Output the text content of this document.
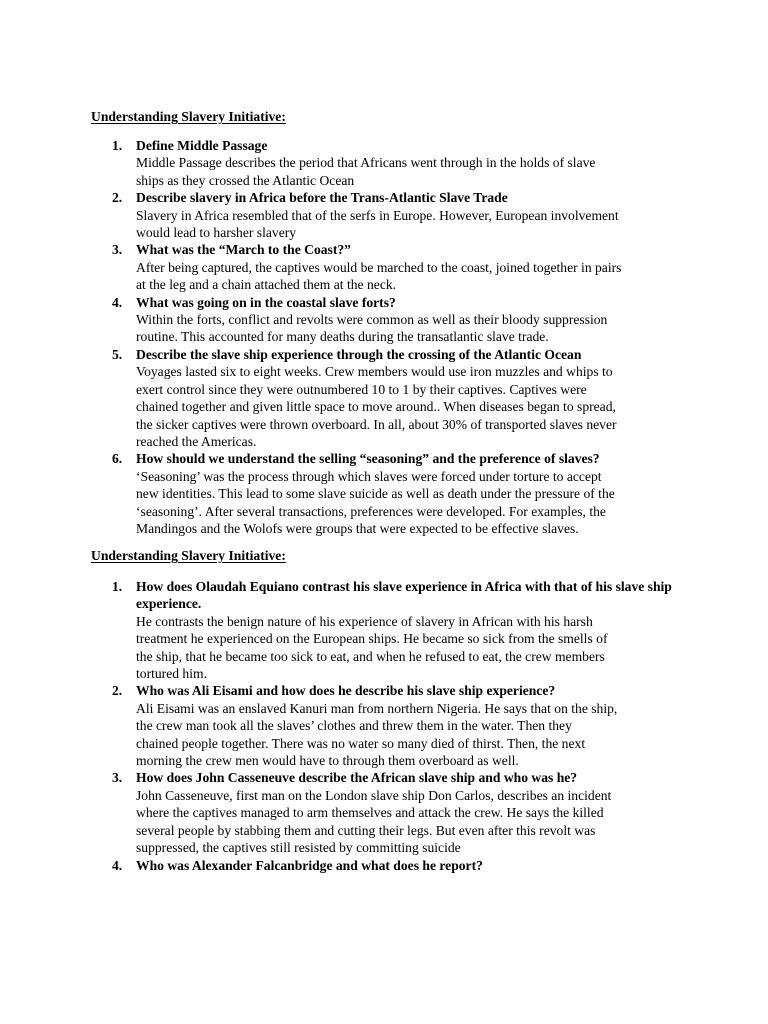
Understanding Slavery Initiative:
1. Define Middle Passage
Middle Passage describes the period that Africans went through in the holds of slave
ships as they crossed the Atlantic Ocean
2. Describe slavery in Africa before the Trans-Atlantic Slave Trade
Slavery in Africa resembled that of the serfs in Europe. However, European involvement
would lead to harsher slavery
3. What was the “March to the Coast?”
After being captured, the captives would be marched to the coast, joined together in pairs
at the leg and a chain attached them at the neck.
4. What was going on in the coastal slave forts?
Within the forts, conflict and revolts were common as well as their bloody suppression
routine. This accounted for many deaths during the transatlantic slave trade.
5. Describe the slave ship experience through the crossing of the Atlantic Ocean
Voyages lasted six to eight weeks. Crew members would use iron muzzles and whips to
exert control since they were outnumbered 10 to 1 by their captives. Captives were
chained together and given little space to move around.. When diseases began to spread,
the sicker captives were thrown overboard. In all, about 30% of transported slaves never
reached the Americas.
6. How should we understand the selling “seasoning” and the preference of slaves?
‘Seasoning’ was the process through which slaves were forced under torture to accept
new identities. This lead to some slave suicide as well as death under the pressure of the
‘seasoning’. After several transactions, preferences were developed. For examples, the
Mandingos and the Wolofs were groups that were expected to be effective slaves.
Understanding Slavery Initiative:
1. How does Olaudah Equiano contrast his slave experience in Africa with that of his slave ship experience.
He contrasts the benign nature of his experience of slavery in African with his harsh
treatment he experienced on the European ships. He became so sick from the smells of
the ship, that he became too sick to eat, and when he refused to eat, the crew members
tortured him.
2. Who was Ali Eisami and how does he describe his slave ship experience?
Ali Eisami was an enslaved Kanuri man from northern Nigeria. He says that on the ship,
the crew man took all the slaves’ clothes and threw them in the water. Then they
chained people together. There was no water so many died of thirst. Then, the next
morning the crew men would have to through them overboard as well.
3. How does John Casseneuve describe the African slave ship and who was he?
John Casseneuve, first man on the London slave ship Don Carlos, describes an incident
where the captives managed to arm themselves and attack the crew. He says the killed
several people by stabbing them and cutting their legs. But even after this revolt was
suppressed, the captives still resisted by committing suicide
4. Who was Alexander Falcanbridge and what does he report?
